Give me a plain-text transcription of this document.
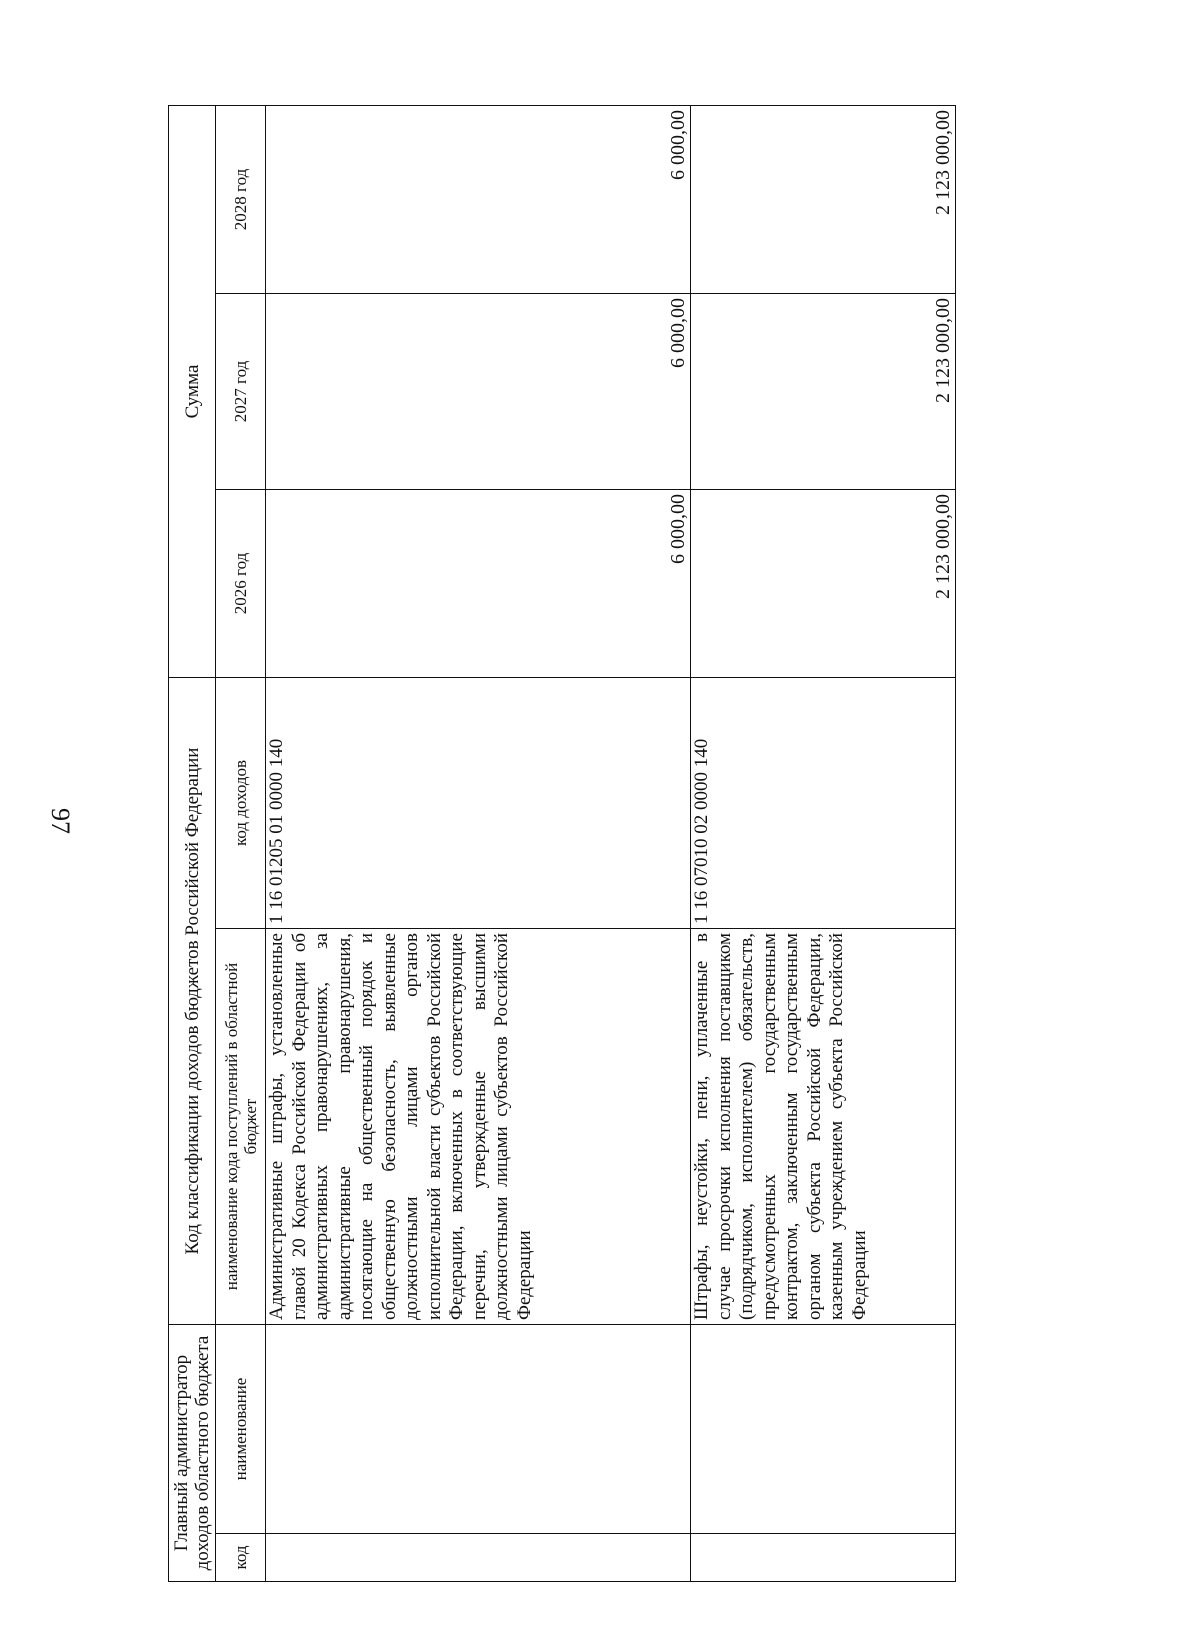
97
Главный администратор доходов областного бюджета		Код классификации доходов бюджетов Российской Федерации		Сумма		
код	наименование	наименование кода поступлений в областной бюджет	код доходов	2026 год	2027 год	2028 год
		Административные штрафы, установленные главой 20 Кодекса Российской Федерации об административных правонарушениях, за административные правонарушения, посягающие на общественный порядок и общественную безопасность, выявленные должностными лицами органов исполнительной власти субъектов Российской Федерации, включенных в соответствующие перечни, утвержденные высшими должностными лицами субъектов Российской Федерации	1 16 01205 01 0000 140	6 000,00	6 000,00	6 000,00
		Штрафы, неустойки, пени, уплаченные в случае просрочки исполнения поставщиком (подрядчиком, исполнителем) обязательств, предусмотренных государственным контрактом, заключенным государственным органом субъекта Российской Федерации, казенным учреждением субъекта Российской Федерации	1 16 07010 02 0000 140	2 123 000,00	2 123 000,00	2 123 000,00
